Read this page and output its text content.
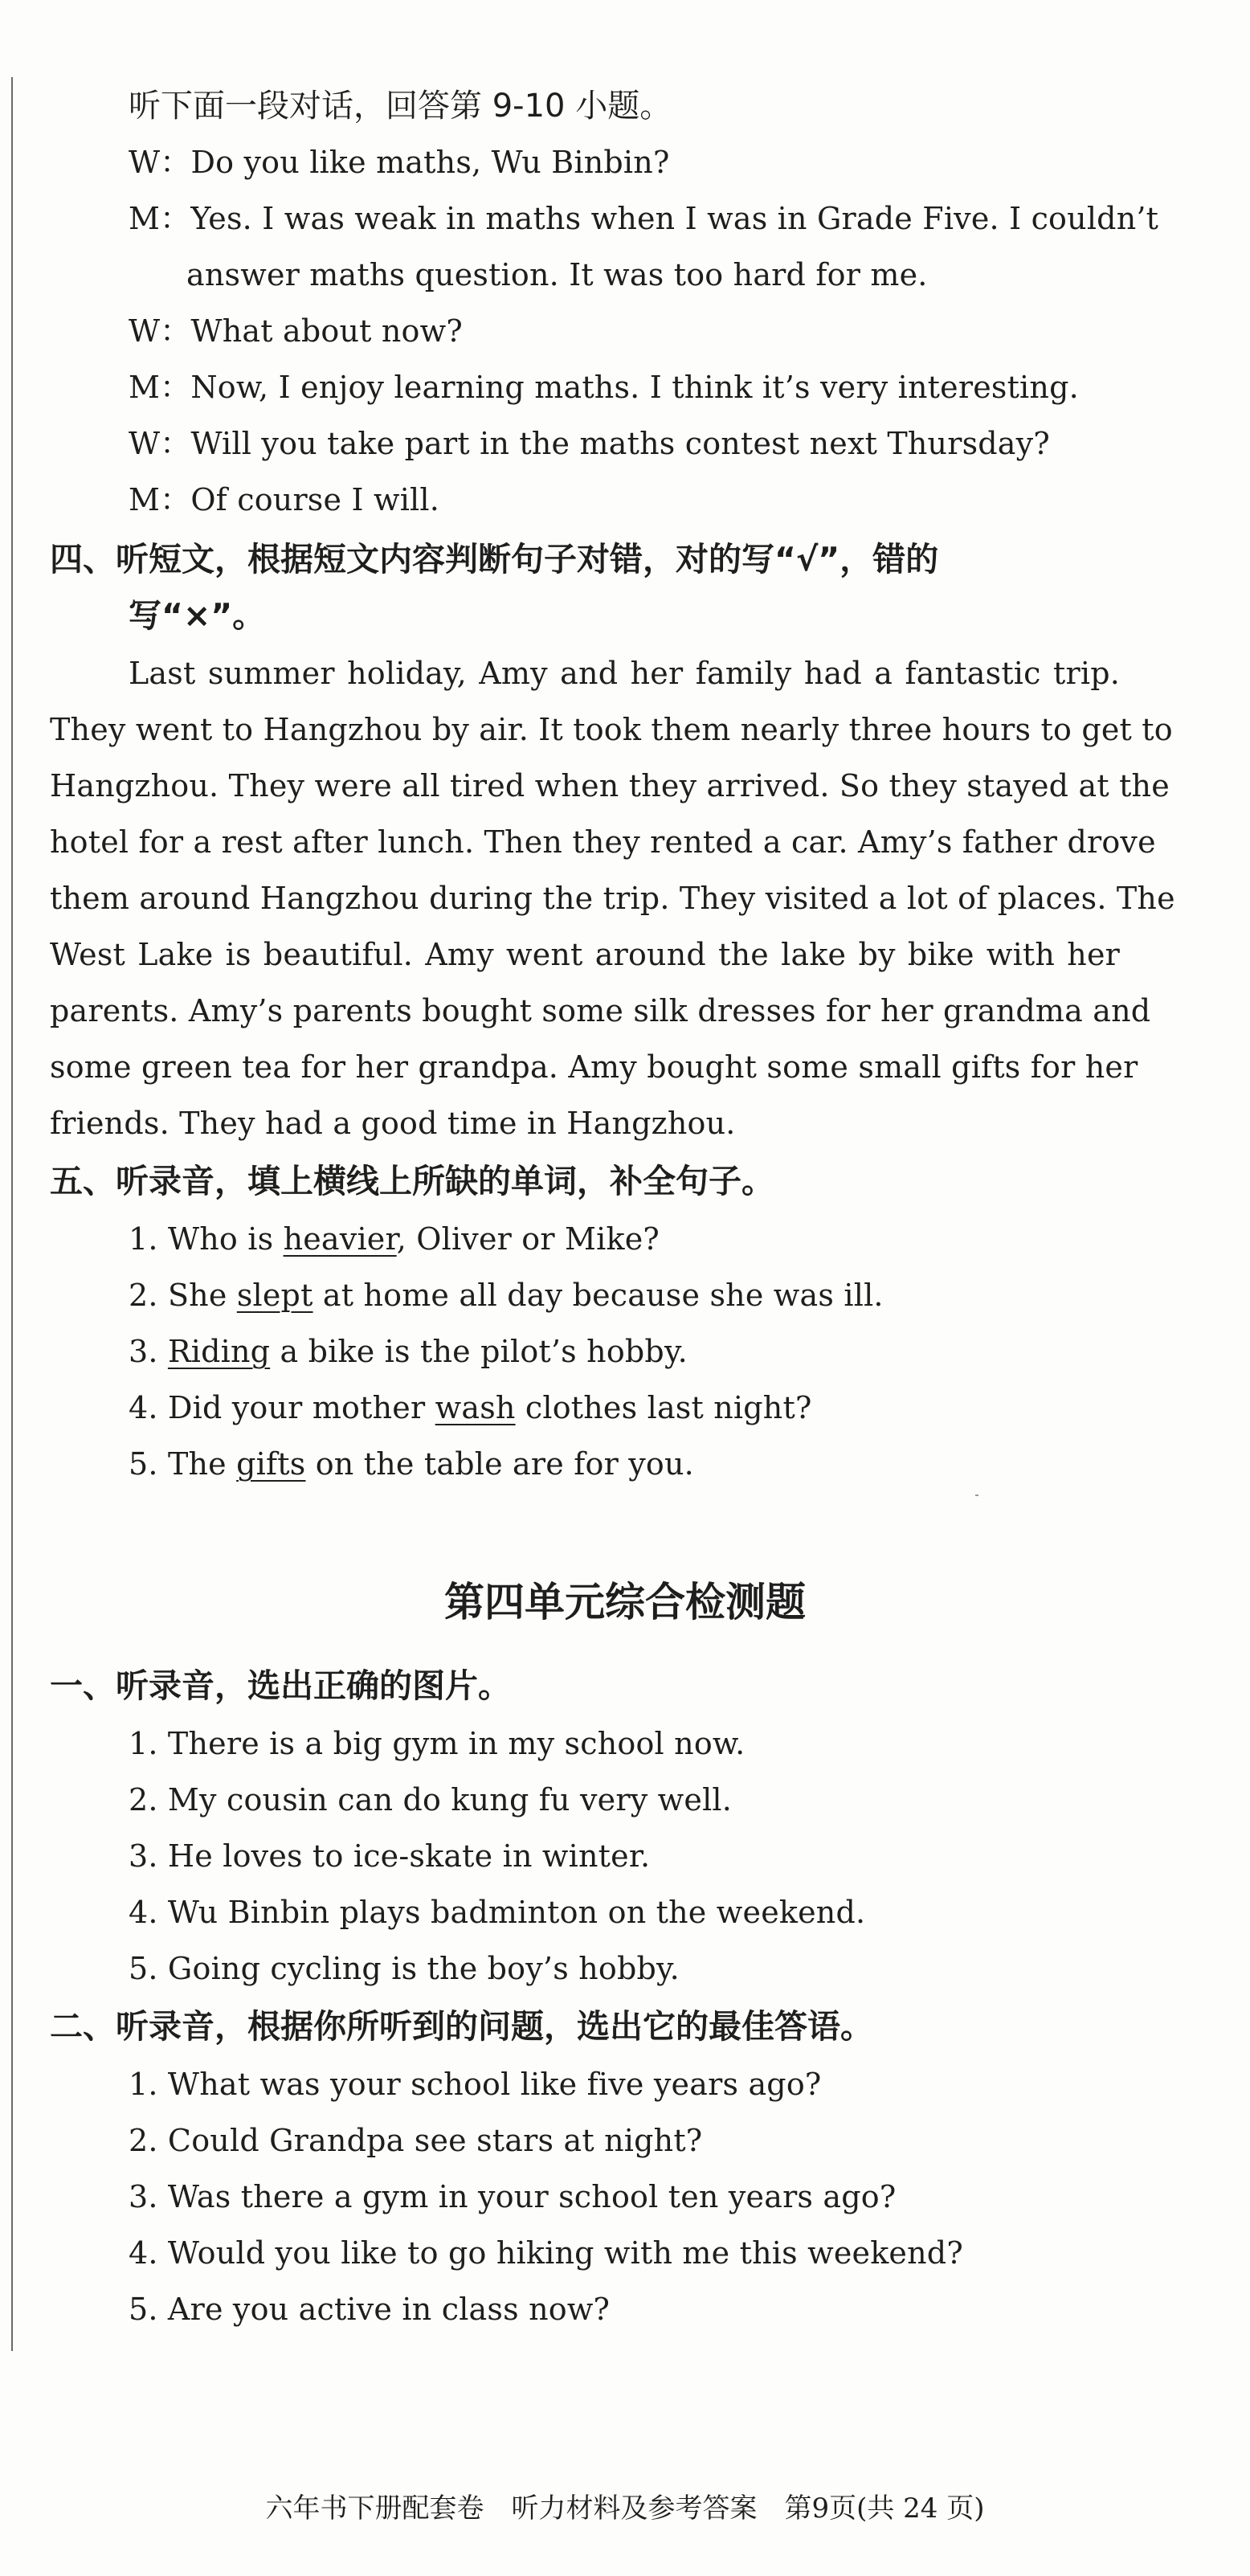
听下面一段对话，回答第 9-10 小题。
W：Do you like maths, Wu Binbin?
M：Yes. I was weak in maths when I was in Grade Five. I couldn’t
answer maths question. It was too hard for me.
W：What about now?
M：Now, I enjoy learning maths. I think it’s very interesting.
W：Will you take part in the maths contest next Thursday?
M：Of course I will.
四、听短文，根据短文内容判断句子对错，对的写“√”，错的
写“×”。
Last summer holiday, Amy and her family had a fantastic trip.
They went to Hangzhou by air. It took them nearly three hours to get to
Hangzhou. They were all tired when they arrived. So they stayed at the
hotel for a rest after lunch. Then they rented a car. Amy’s father drove
them around Hangzhou during the trip. They visited a lot of places. The
West Lake is beautiful. Amy went around the lake by bike with her
parents. Amy’s parents bought some silk dresses for her grandma and
some green tea for her grandpa. Amy bought some small gifts for her
friends. They had a good time in Hangzhou.
五、听录音，填上横线上所缺的单词，补全句子。
1. Who is heavier, Oliver or Mike?
2. She slept at home all day because she was ill.
3. Riding a bike is the pilot’s hobby.
4. Did your mother wash clothes last night?
5. The gifts on the table are for you.
第四单元综合检测题
一、听录音，选出正确的图片。
1. There is a big gym in my school now.
2. My cousin can do kung fu very well.
3. He loves to ice-skate in winter.
4. Wu Binbin plays badminton on the weekend.
5. Going cycling is the boy’s hobby.
二、听录音，根据你所听到的问题，选出它的最佳答语。
1. What was your school like five years ago?
2. Could Grandpa see stars at night?
3. Was there a gym in your school ten years ago?
4. Would you like to go hiking with me this weekend?
5. Are you active in class now?
六年书下册配套卷　听力材料及参考答案　第9页(共 24 页)
